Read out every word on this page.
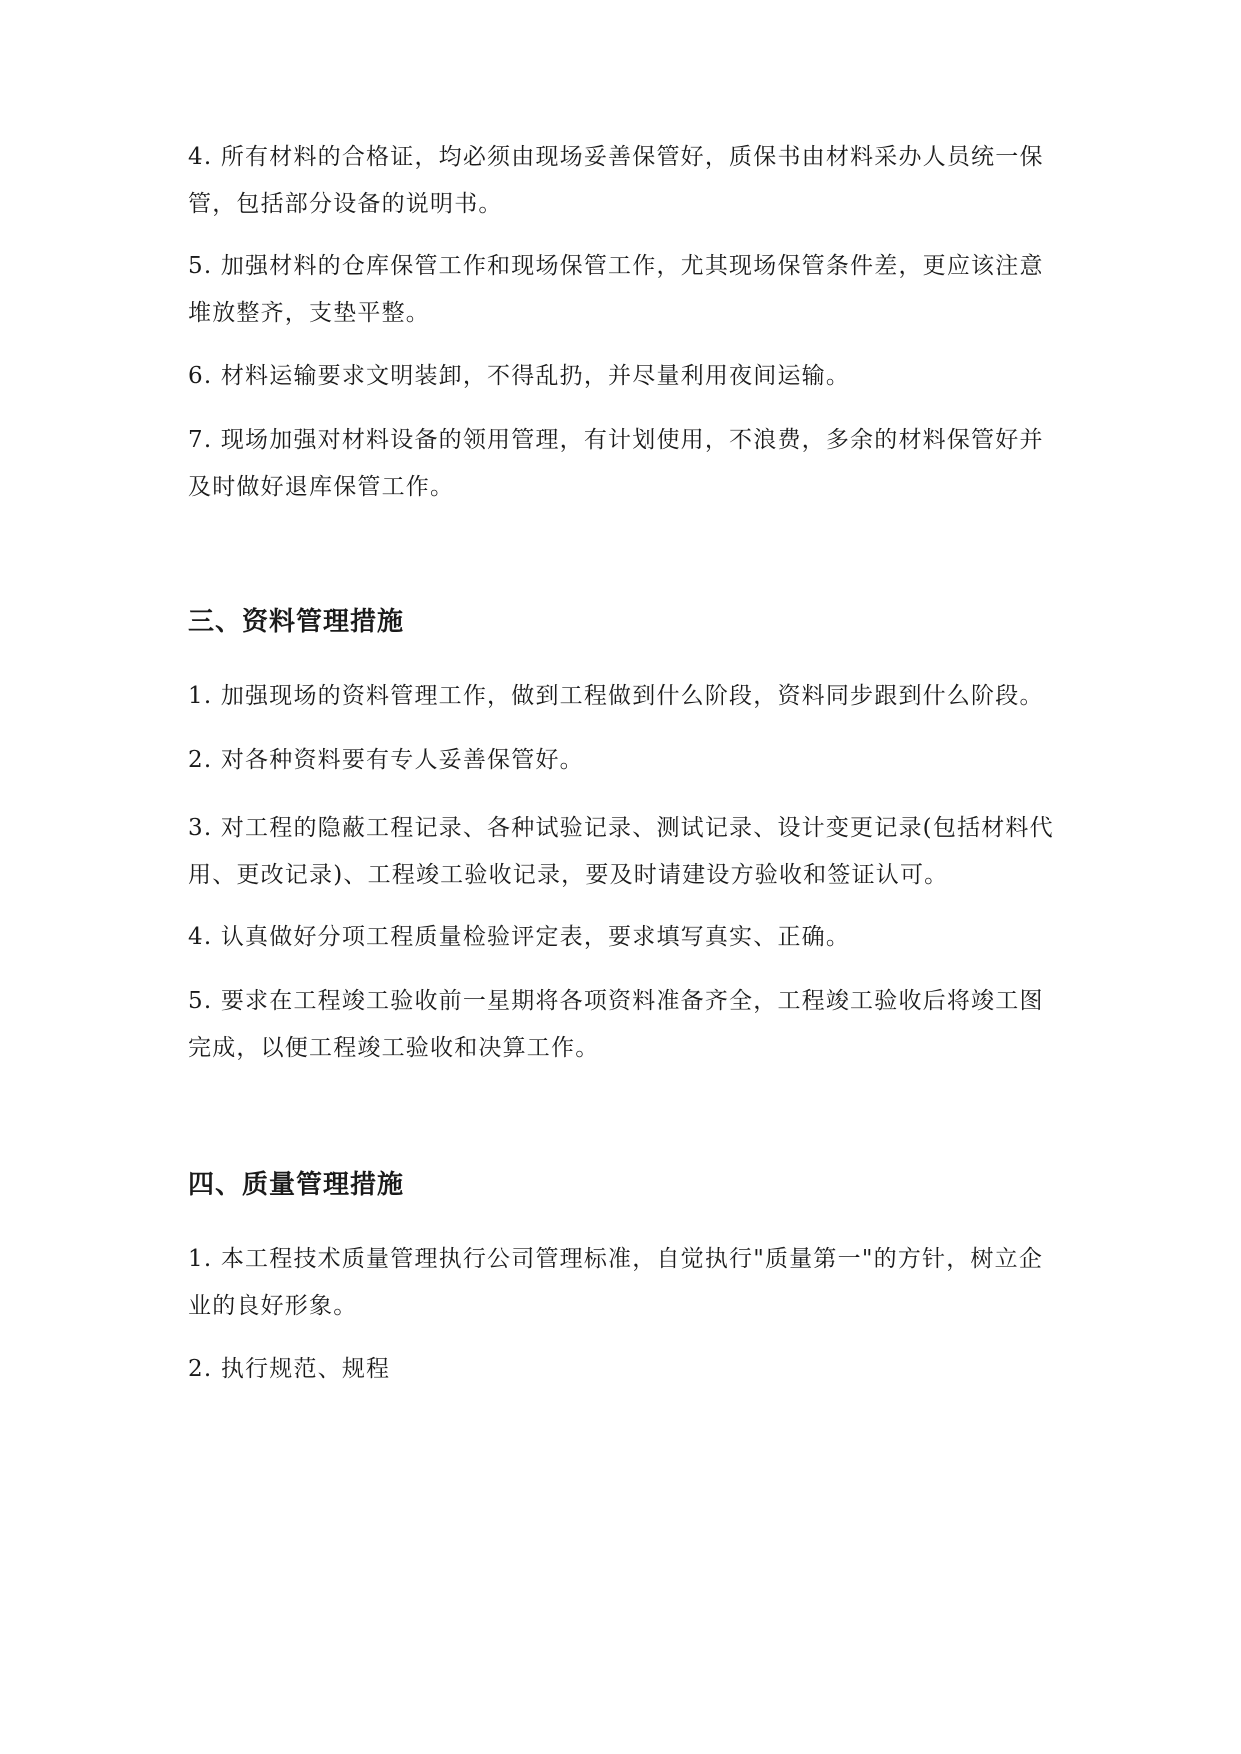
4. 所有材料的合格证，均必须由现场妥善保管好，质保书由材料采办人员统一保管，包括部分设备的说明书。

5. 加强材料的仓库保管工作和现场保管工作，尤其现场保管条件差，更应该注意堆放整齐，支垫平整。

6. 材料运输要求文明装卸，不得乱扔，并尽量利用夜间运输。

7. 现场加强对材料设备的领用管理，有计划使用，不浪费，多余的材料保管好并及时做好退库保管工作。

三、资料管理措施

1. 加强现场的资料管理工作，做到工程做到什么阶段，资料同步跟到什么阶段。

2. 对各种资料要有专人妥善保管好。

3. 对工程的隐蔽工程记录、各种试验记录、测试记录、设计变更记录(包括材料代用、更改记录)、工程竣工验收记录，要及时请建设方验收和签证认可。

4. 认真做好分项工程质量检验评定表，要求填写真实、正确。

5. 要求在工程竣工验收前一星期将各项资料准备齐全，工程竣工验收后将竣工图完成，以便工程竣工验收和决算工作。

四、质量管理措施

1. 本工程技术质量管理执行公司管理标准，自觉执行"质量第一"的方针，树立企业的良好形象。

2. 执行规范、规程
